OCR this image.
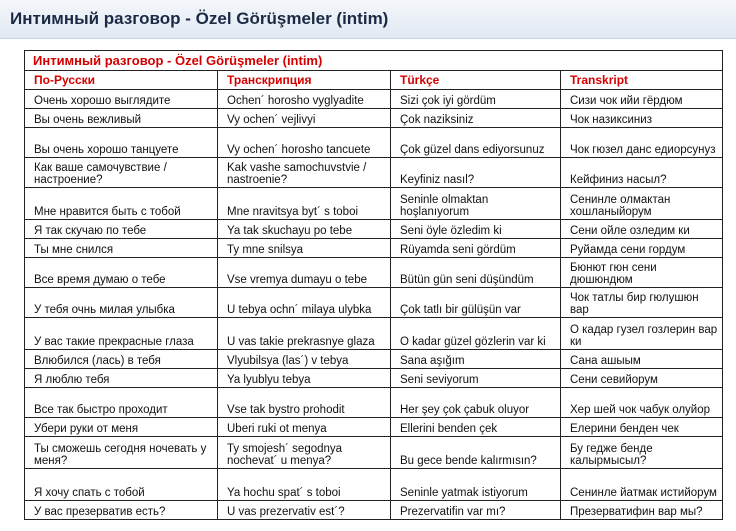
Интимный разговор - Özel Görüşmeler (intim)
Интимный разговор - Özel Görüşmeler (intim)			
По-Русски	Транскрипция	Türkçe	Transkript
Очень хорошо выглядите	Ochen´ horosho vyglyadite	Sizi çok iyi gördüm	Сизи чок ийи гёрдюм
Вы очень вежливый	Vy ochen´ vejlivyi	Çok naziksiniz	Чок назиксиниз
Вы очень хорошо танцуете	Vy ochen´ horosho tancuete	Çok güzel dans ediyorsunuz	Чок гюзел данс едиорсунуз
Как ваше самочувствие / настроение?	Kak vashe samochuvstvie / nastroenie?	Keyfiniz nasıl?	Кейфиниз насыл?
Мне нравится быть с тобой	Mne nravitsya byt´ s toboi	Seninle olmaktan hoşlanıyorum	Сенинле олмактан хошланыйорум
Я так скучаю по тебе	Ya tak skuchayu po tebe	Seni öyle özledim ki	Сени ойле озледим ки
Ты мне снился	Ty mne snilsya	Rüyamda seni gördüm	Руйамда сени гордум
Все время думаю о тебе	Vse vremya dumayu o tebe	Bütün gün seni düşündüm	Бюнют гюн сени дюшюндюм
У тебя очнь милая улыбка	U tebya ochn´ milaya ulybka	Çok tatlı bir gülüşün var	Чок татлы бир гюлушюн вар
У вас такие прекрасные глаза	U vas takie prekrasnye glaza	O kadar güzel gözlerin var ki	О кадар гузел гозлерин вар ки
Влюбился (лась) в тебя	Vlyubilsya (las´) v tebya	Sana aşığım	Сана ашыым
Я люблю тебя	Ya lyublyu tebya	Seni seviyorum	Сени севийорум
Все так быстро проходит	Vse tak bystro prohodit	Her şey çok çabuk oluyor	Хер шей чок чабук олуйор
Убери руки от меня	Uberi ruki ot menya	Ellerini benden çek	Елерини бенден чек
Ты сможешь сегодня ночевать у меня?	Ty smojesh´ segodnya nochevat´ u menya?	Bu gece bende kalırmısın?	Бу гедже бенде калырмысыл?
Я хочу спать с тобой	Ya hochu spat´ s toboi	Seninle yatmak istiyorum	Сенинле йатмак истийорум
У вас презерватив есть?	U vas prezervativ est´?	Prezervatifin var mı?	Презерватифин вар мы?
